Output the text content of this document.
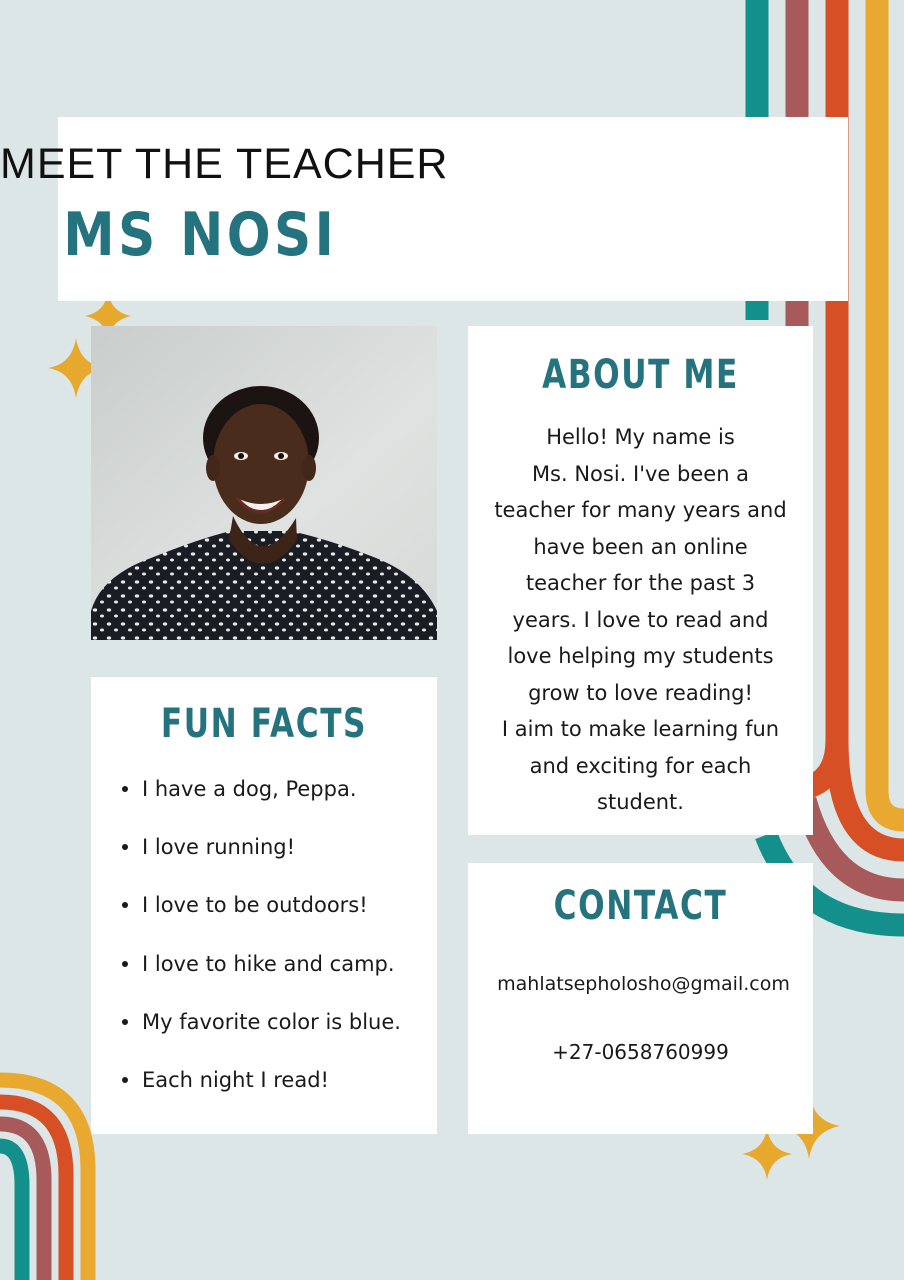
MEET THE TEACHER
MS NOSI
ABOUT ME
Hello! My name is
Ms. Nosi. I've been a
teacher for many years and
have been an online
teacher for the past 3
years. I love to read and
love helping my students
grow to love reading!
I aim to make learning fun
and exciting for each
student.
FUN FACTS
I have a dog, Peppa.
I love running!
I love to be outdoors!
I love to hike and camp.
My favorite color is blue.
Each night I read!
CONTACT
mahlatsepholosho@gmail.com
+27-0658760999
